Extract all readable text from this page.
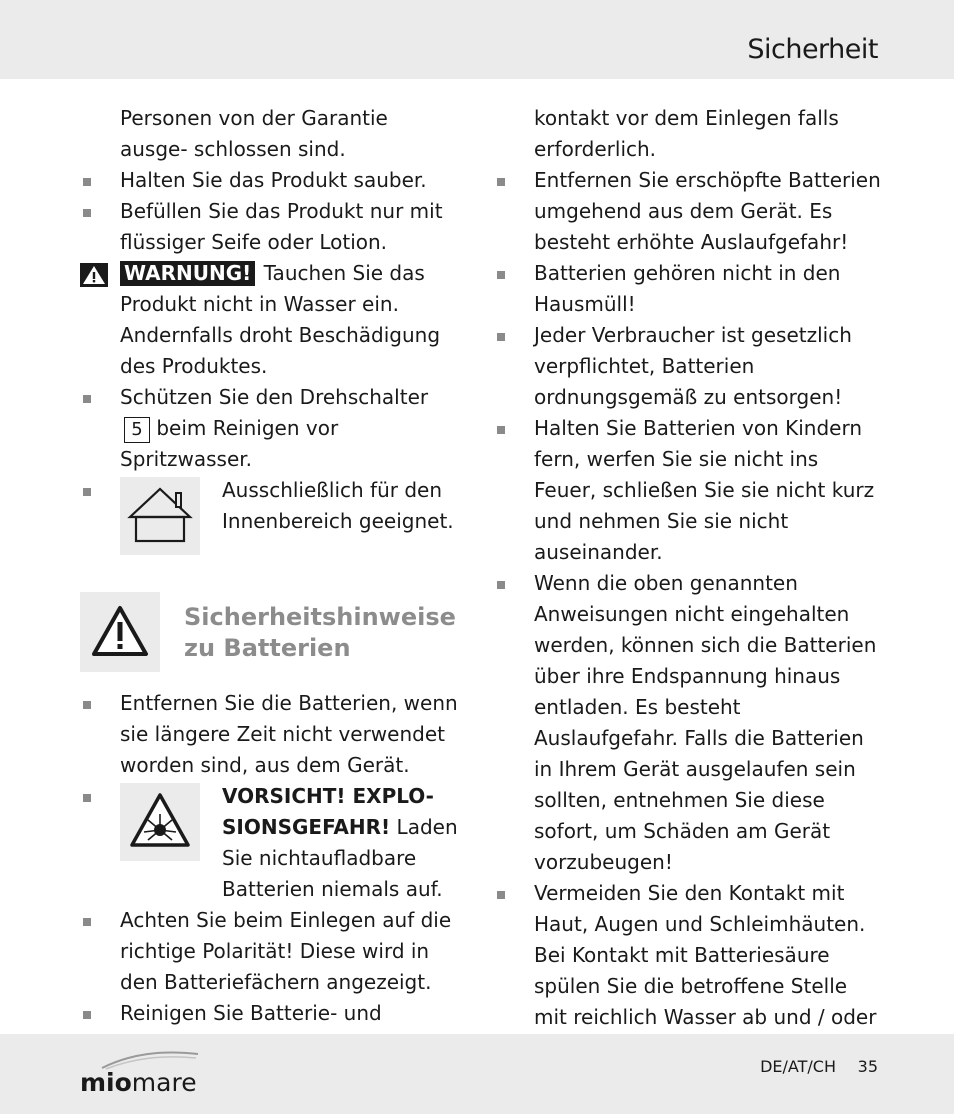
Sicherheit

Personen von der Garantie ausge- schlossen sind.

Halten Sie das Produkt sauber.

Befüllen Sie das Produkt nur mit flüssiger Seife oder Lotion.

WARNUNG! Tauchen Sie das Produkt nicht in Wasser ein. Andernfalls droht Beschädigung des Produktes.

Schützen Sie den Drehschalter 5 beim Reinigen vor Spritzwasser.

Ausschließlich für den Innenbereich geeignet.

Sicherheitshinweise zu Batterien

Entfernen Sie die Batterien, wenn sie längere Zeit nicht verwendet worden sind, aus dem Gerät.

VORSICHT! EXPLO- SIONSGEFAHR! Laden Sie nichtaufladbare Batterien niemals auf.

Achten Sie beim Einlegen auf die richtige Polarität! Diese wird in den Batteriefächern angezeigt.

Reinigen Sie Batterie- und

kontakt vor dem Einlegen falls erforderlich.

Entfernen Sie erschöpfte Batterien umgehend aus dem Gerät. Es besteht erhöhte Auslaufgefahr!

Batterien gehören nicht in den Hausmüll!

Jeder Verbraucher ist gesetzlich verpflichtet, Batterien ordnungsgemäß zu entsorgen!

Halten Sie Batterien von Kindern fern, werfen Sie sie nicht ins Feuer, schließen Sie sie nicht kurz und nehmen Sie sie nicht auseinander.

Wenn die oben genannten Anweisungen nicht eingehalten werden, können sich die Batterien über ihre Endspannung hinaus entladen. Es besteht Auslaufgefahr. Falls die Batterien in Ihrem Gerät ausgelaufen sein sollten, entnehmen Sie diese sofort, um Schäden am Gerät vorzubeugen!

Vermeiden Sie den Kontakt mit Haut, Augen und Schleimhäuten. Bei Kontakt mit Batteriesäure spülen Sie die betroffene Stelle mit reichlich Wasser ab und / oder

miomare
DE/AT/CH 35
